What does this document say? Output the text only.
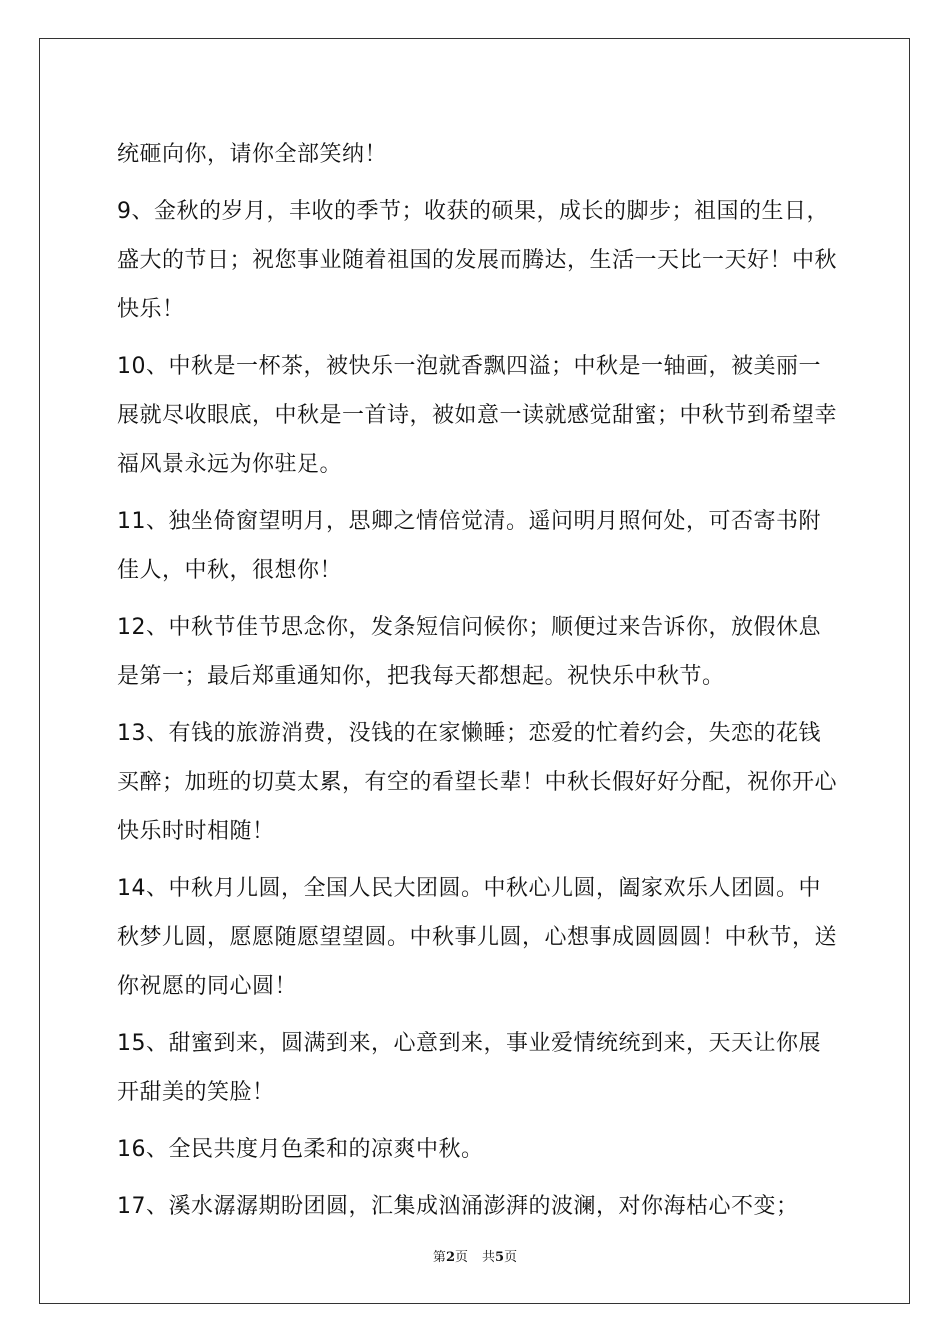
统砸向你，请你全部笑纳！

9、金秋的岁月，丰收的季节；收获的硕果，成长的脚步；祖国的生日，盛大的节日；祝您事业随着祖国的发展而腾达，生活一天比一天好！中秋快乐！

10、中秋是一杯茶，被快乐一泡就香飘四溢；中秋是一轴画，被美丽一展就尽收眼底，中秋是一首诗，被如意一读就感觉甜蜜；中秋节到希望幸福风景永远为你驻足。

11、独坐倚窗望明月，思卿之情倍觉清。遥问明月照何处，可否寄书附佳人，中秋，很想你！

12、中秋节佳节思念你，发条短信问候你；顺便过来告诉你，放假休息是第一；最后郑重通知你，把我每天都想起。祝快乐中秋节。

13、有钱的旅游消费，没钱的在家懒睡；恋爱的忙着约会，失恋的花钱买醉；加班的切莫太累，有空的看望长辈！中秋长假好好分配，祝你开心快乐时时相随！

14、中秋月儿圆，全国人民大团圆。中秋心儿圆，阖家欢乐人团圆。中秋梦儿圆，愿愿随愿望望圆。中秋事儿圆，心想事成圆圆圆！中秋节，送你祝愿的同心圆！

15、甜蜜到来，圆满到来，心意到来，事业爱情统统到来，天天让你展开甜美的笑脸！

16、全民共度月色柔和的凉爽中秋。

17、溪水潺潺期盼团圆，汇集成汹涌澎湃的波澜，对你海枯心不变；

第2页 共5页
